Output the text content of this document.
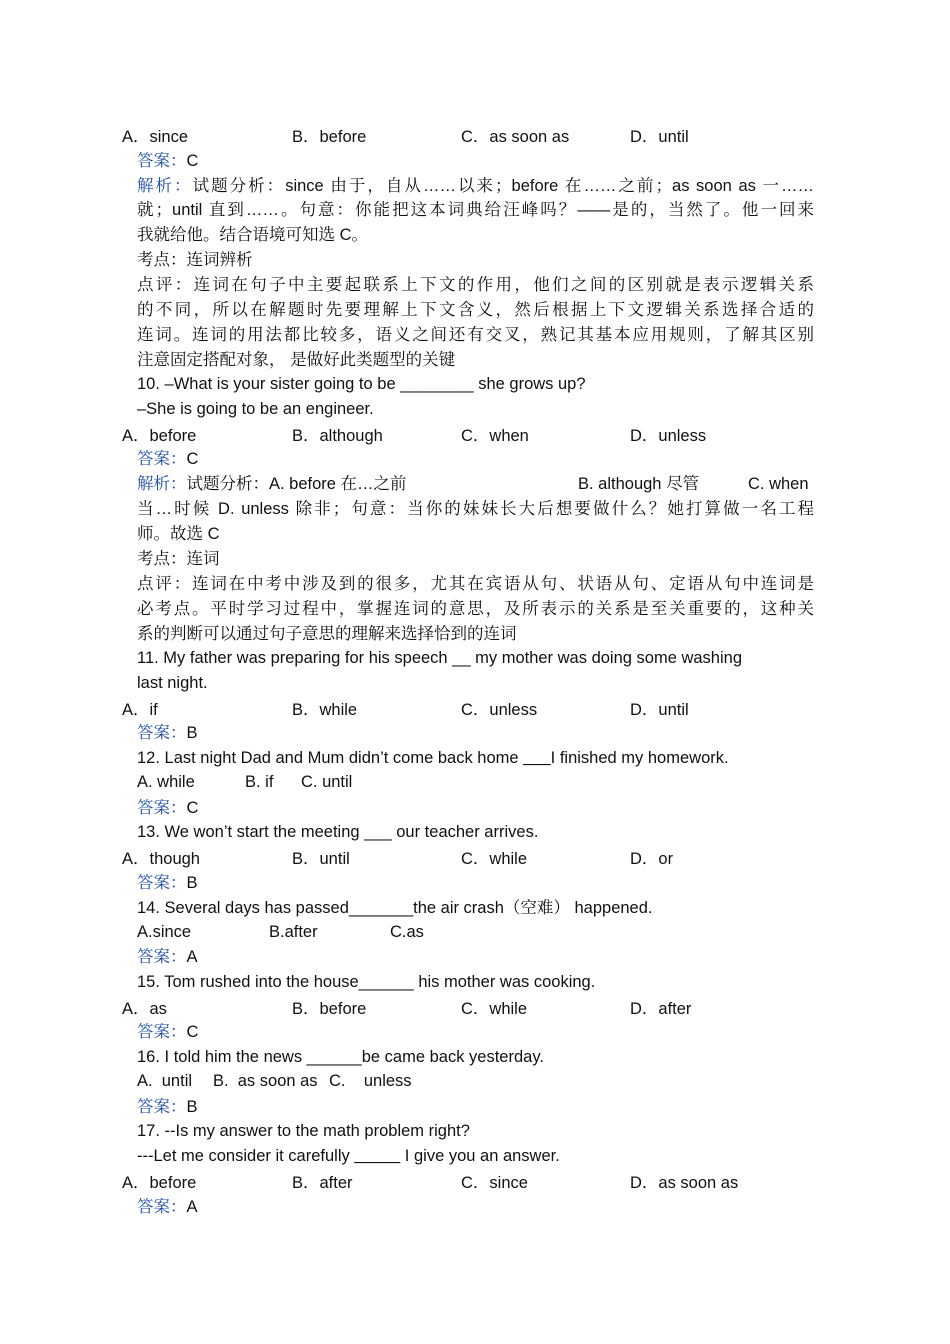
A．since	B．before	C．as soon as	D．until
答案：C
解析：试题分析：since 由于，自从……以来；before 在……之前；as soon as 一……
就；until 直到……。句意：你能把这本词典给汪峰吗？——是的，当然了。他一回来
我就给他。结合语境可知选 C。
考点：连词辨析
点评：连词在句子中主要起联系上下文的作用，他们之间的区别就是表示逻辑关系
的不同，所以在解题时先要理解上下文含义，然后根据上下文逻辑关系选择合适的
连词。连词的用法都比较多，语义之间还有交叉，熟记其基本应用规则，了解其区别
注意固定搭配对象， 是做好此类题型的关键
10. –What is your sister going to be ________ she grows up?
–She is going to be an engineer.
A．before	B．although	C．when	D．unless
答案：C
解析：试题分析：A. before 在…之前	B. although 尽管	C. when
当…时候 D. unless 除非；句意：当你的妹妹长大后想要做什么？她打算做一名工程
师。故选 C
考点：连词
点评：连词在中考中涉及到的很多，尤其在宾语从句、状语从句、定语从句中连词是
必考点。平时学习过程中，掌握连词的意思，及所表示的关系是至关重要的，这种关
系的判断可以通过句子意思的理解来选择恰到的连词
11. My father was preparing for his speech __ my mother was doing some washing
last night.
A．if	B．while	C．unless	D．until
答案：B
12. Last night Dad and Mum didn’t come back home ___I finished my homework.
A. while	B. if C. until
答案：C
13. We won’t start the meeting ___ our teacher arrives.
A．though	B．until	C．while	D．or
答案：B
14. Several days has passed_______the air crash（空难） happened.
A.since	B.after	C.as
答案：A
15. Tom rushed into the house______ his mother was cooking.
A．as	B．before	C．while	D．after
答案：C
16. I told him the news ______be came back yesterday.
A.  until B.  as soon as C.    unless
答案：B
17. --Is my answer to the math problem right?
---Let me consider it carefully _____ I give you an answer.
A．before	B．after	C．since	D．as soon as
答案：A
